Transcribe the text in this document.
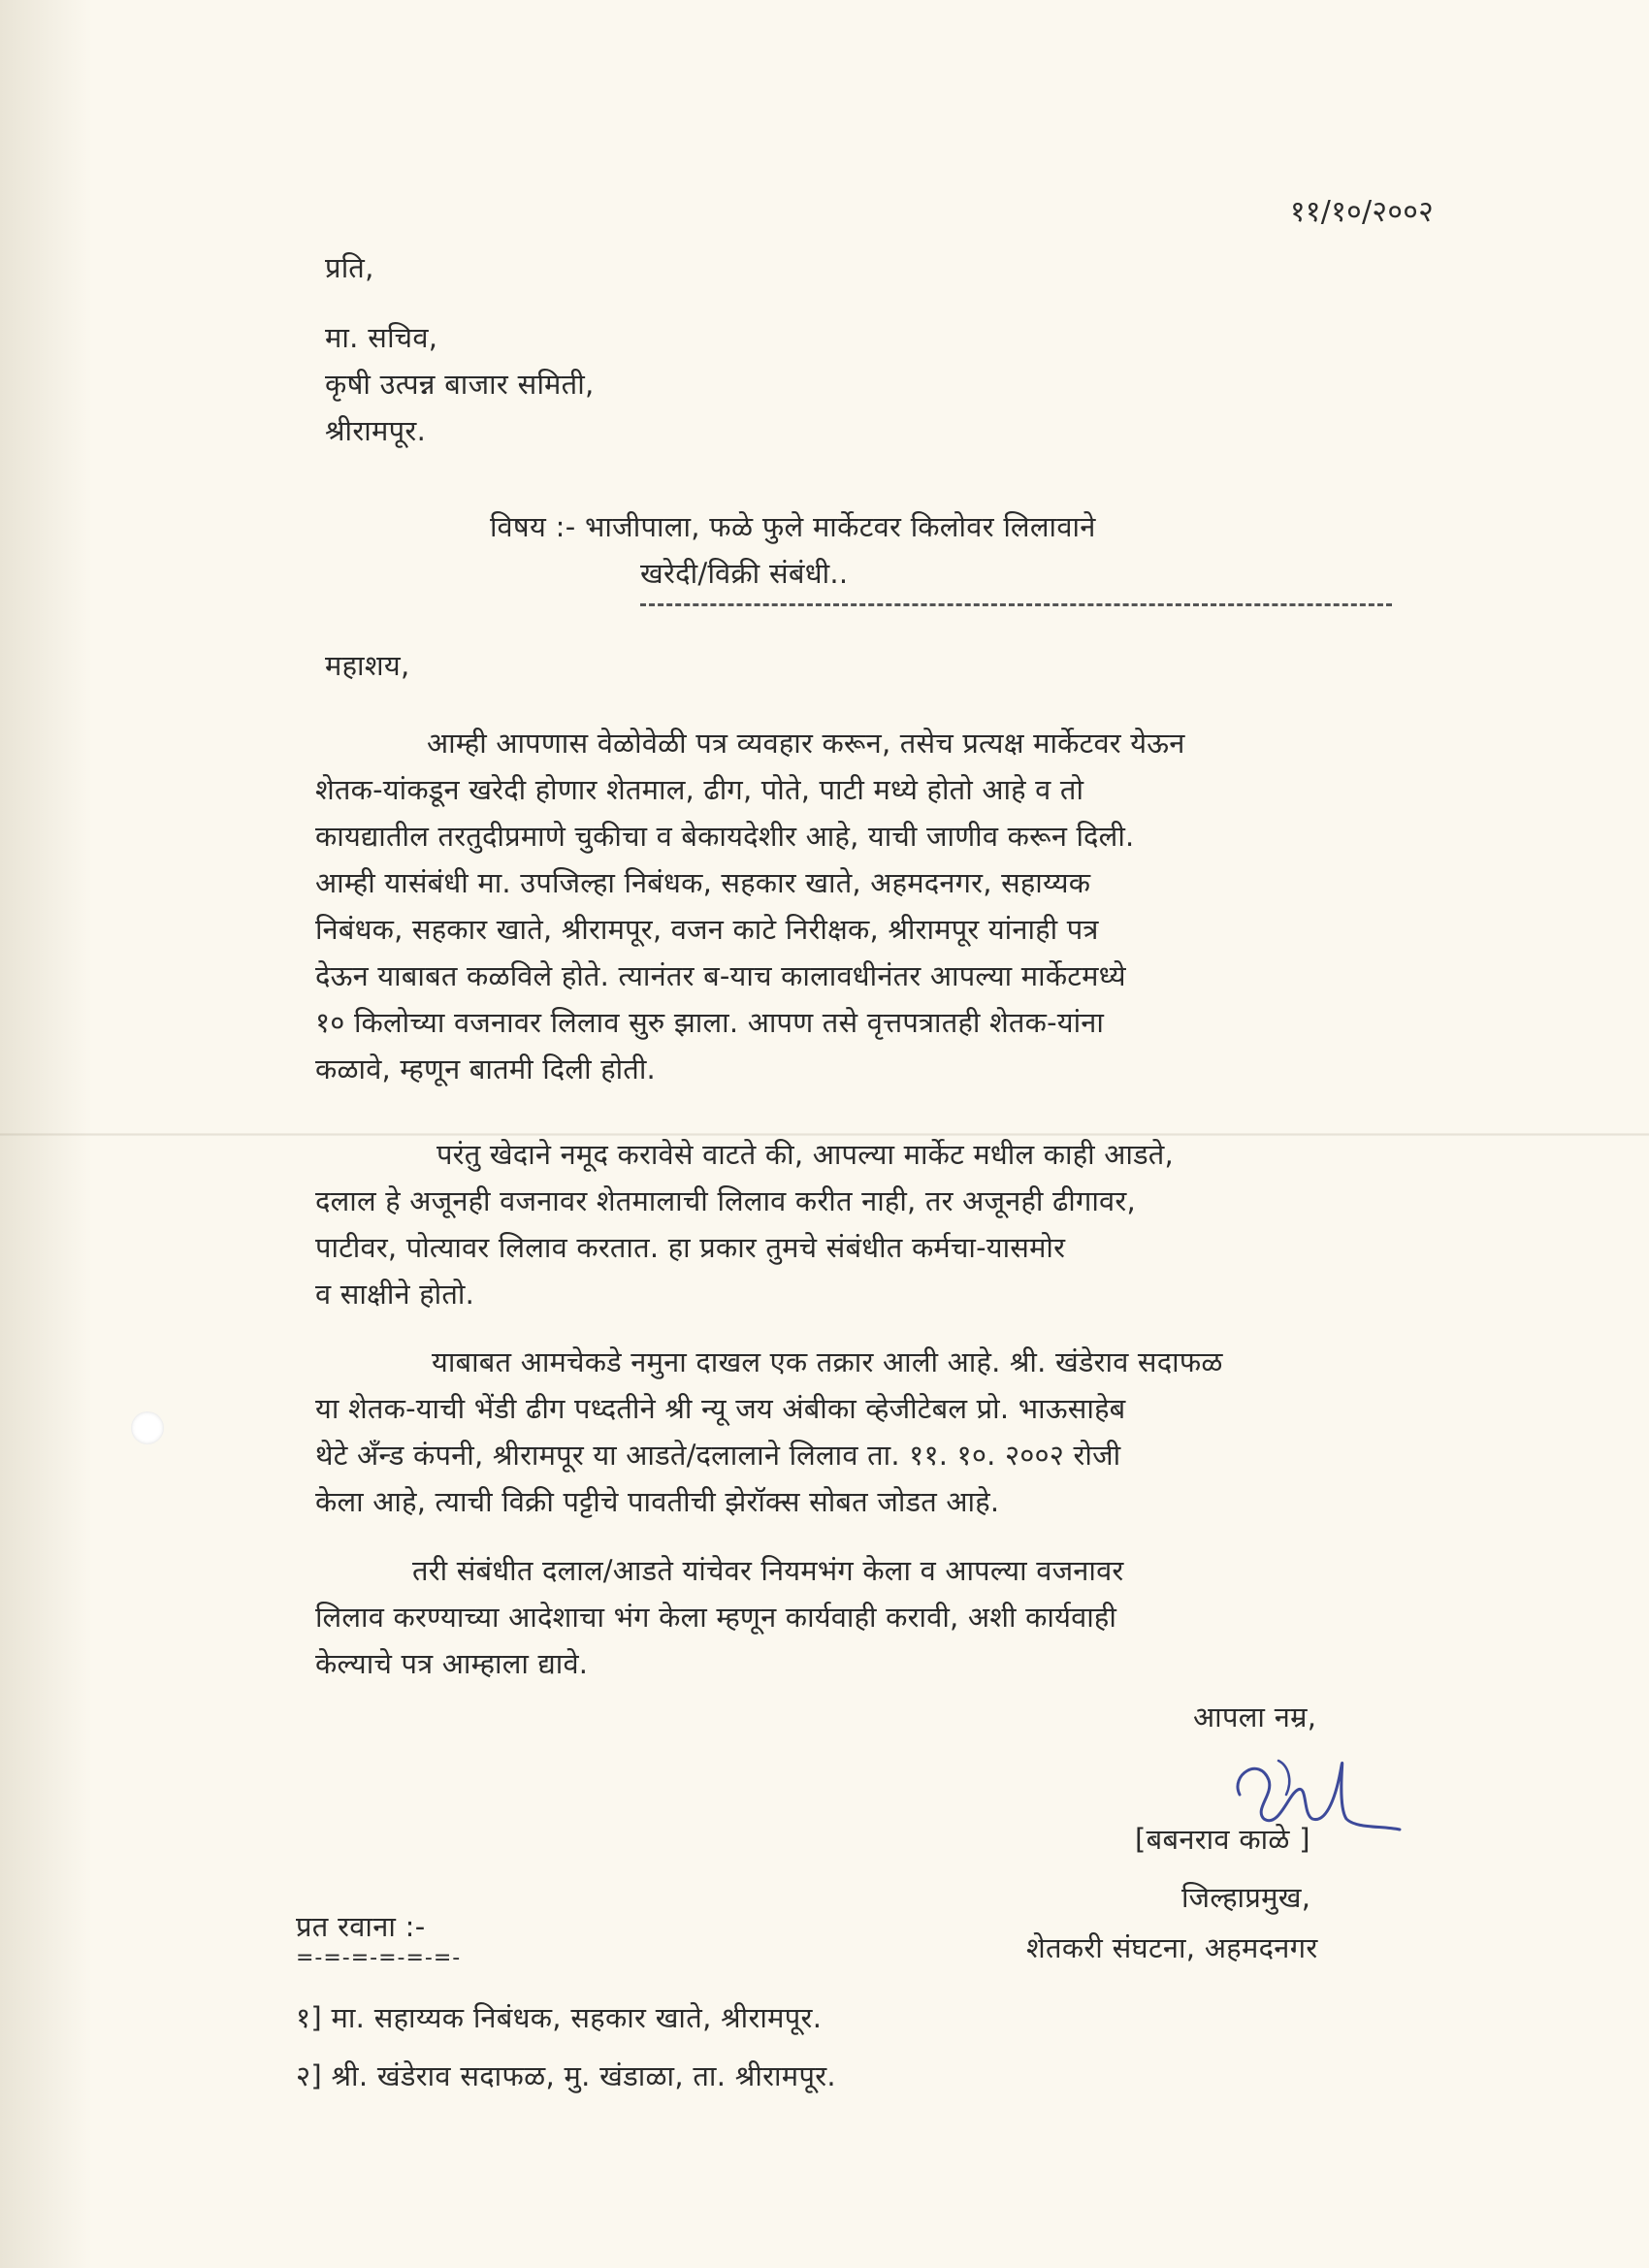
११/१०/२००२
प्रति,
मा. सचिव,
कृषी उत्पन्न बाजार समिती,
श्रीरामपूर.
विषय :- भाजीपाला, फळे फुले मार्केटवर किलोवर लिलावाने
खरेदी/विक्री संबंधी..
महाशय,
आम्ही आपणास वेळोवेळी पत्र व्यवहार करून, तसेच प्रत्यक्ष मार्केटवर येऊन
शेतक-यांकडून खरेदी होणार शेतमाल, ढीग, पोते, पाटी मध्ये होतो आहे व तो
कायद्यातील तरतुदीप्रमाणे चुकीचा व बेकायदेशीर आहे, याची जाणीव करून दिली.
आम्ही यासंबंधी मा. उपजिल्हा निबंधक, सहकार खाते, अहमदनगर, सहाय्यक
निबंधक, सहकार खाते, श्रीरामपूर, वजन काटे निरीक्षक, श्रीरामपूर यांनाही पत्र
देऊन याबाबत कळविले होते. त्यानंतर ब-याच कालावधीनंतर आपल्या मार्केटमध्ये
१० किलोच्या वजनावर लिलाव सुरु झाला. आपण तसे वृत्तपत्रातही शेतक-यांना
कळावे, म्हणून बातमी दिली होती.
परंतु खेदाने नमूद करावेसे वाटते की, आपल्या मार्केट मधील काही आडते,
दलाल हे अजूनही वजनावर शेतमालाची लिलाव करीत नाही, तर अजूनही ढीगावर,
पाटीवर, पोत्यावर लिलाव करतात. हा प्रकार तुमचे संबंधीत कर्मचा-यासमोर
व साक्षीने होतो.
याबाबत आमचेकडे नमुना दाखल एक तक्रार आली आहे. श्री. खंडेराव सदाफळ
या शेतक-याची भेंडी ढीग पध्दतीने श्री न्यू जय अंबीका व्हेजीटेबल प्रो. भाऊसाहेब
थेटे अँन्ड कंपनी, श्रीरामपूर या आडते/दलालाने लिलाव ता. ११. १०. २००२ रोजी
केला आहे, त्याची विक्री पट्टीचे पावतीची झेरॉक्स सोबत जोडत आहे.
तरी संबंधीत दलाल/आडते यांचेवर नियमभंग केला व आपल्या वजनावर
लिलाव करण्याच्या आदेशाचा भंग केला म्हणून कार्यवाही करावी, अशी कार्यवाही
केल्याचे पत्र आम्हाला द्यावे.
आपला नम्र,
[बबनराव काळे ]
जिल्हाप्रमुख,
शेतकरी संघटना, अहमदनगर
प्रत रवाना :-
=-=-=-=-=-=-
१] मा. सहाय्यक निबंधक, सहकार खाते, श्रीरामपूर.
२] श्री. खंडेराव सदाफळ, मु. खंडाळा, ता. श्रीरामपूर.
